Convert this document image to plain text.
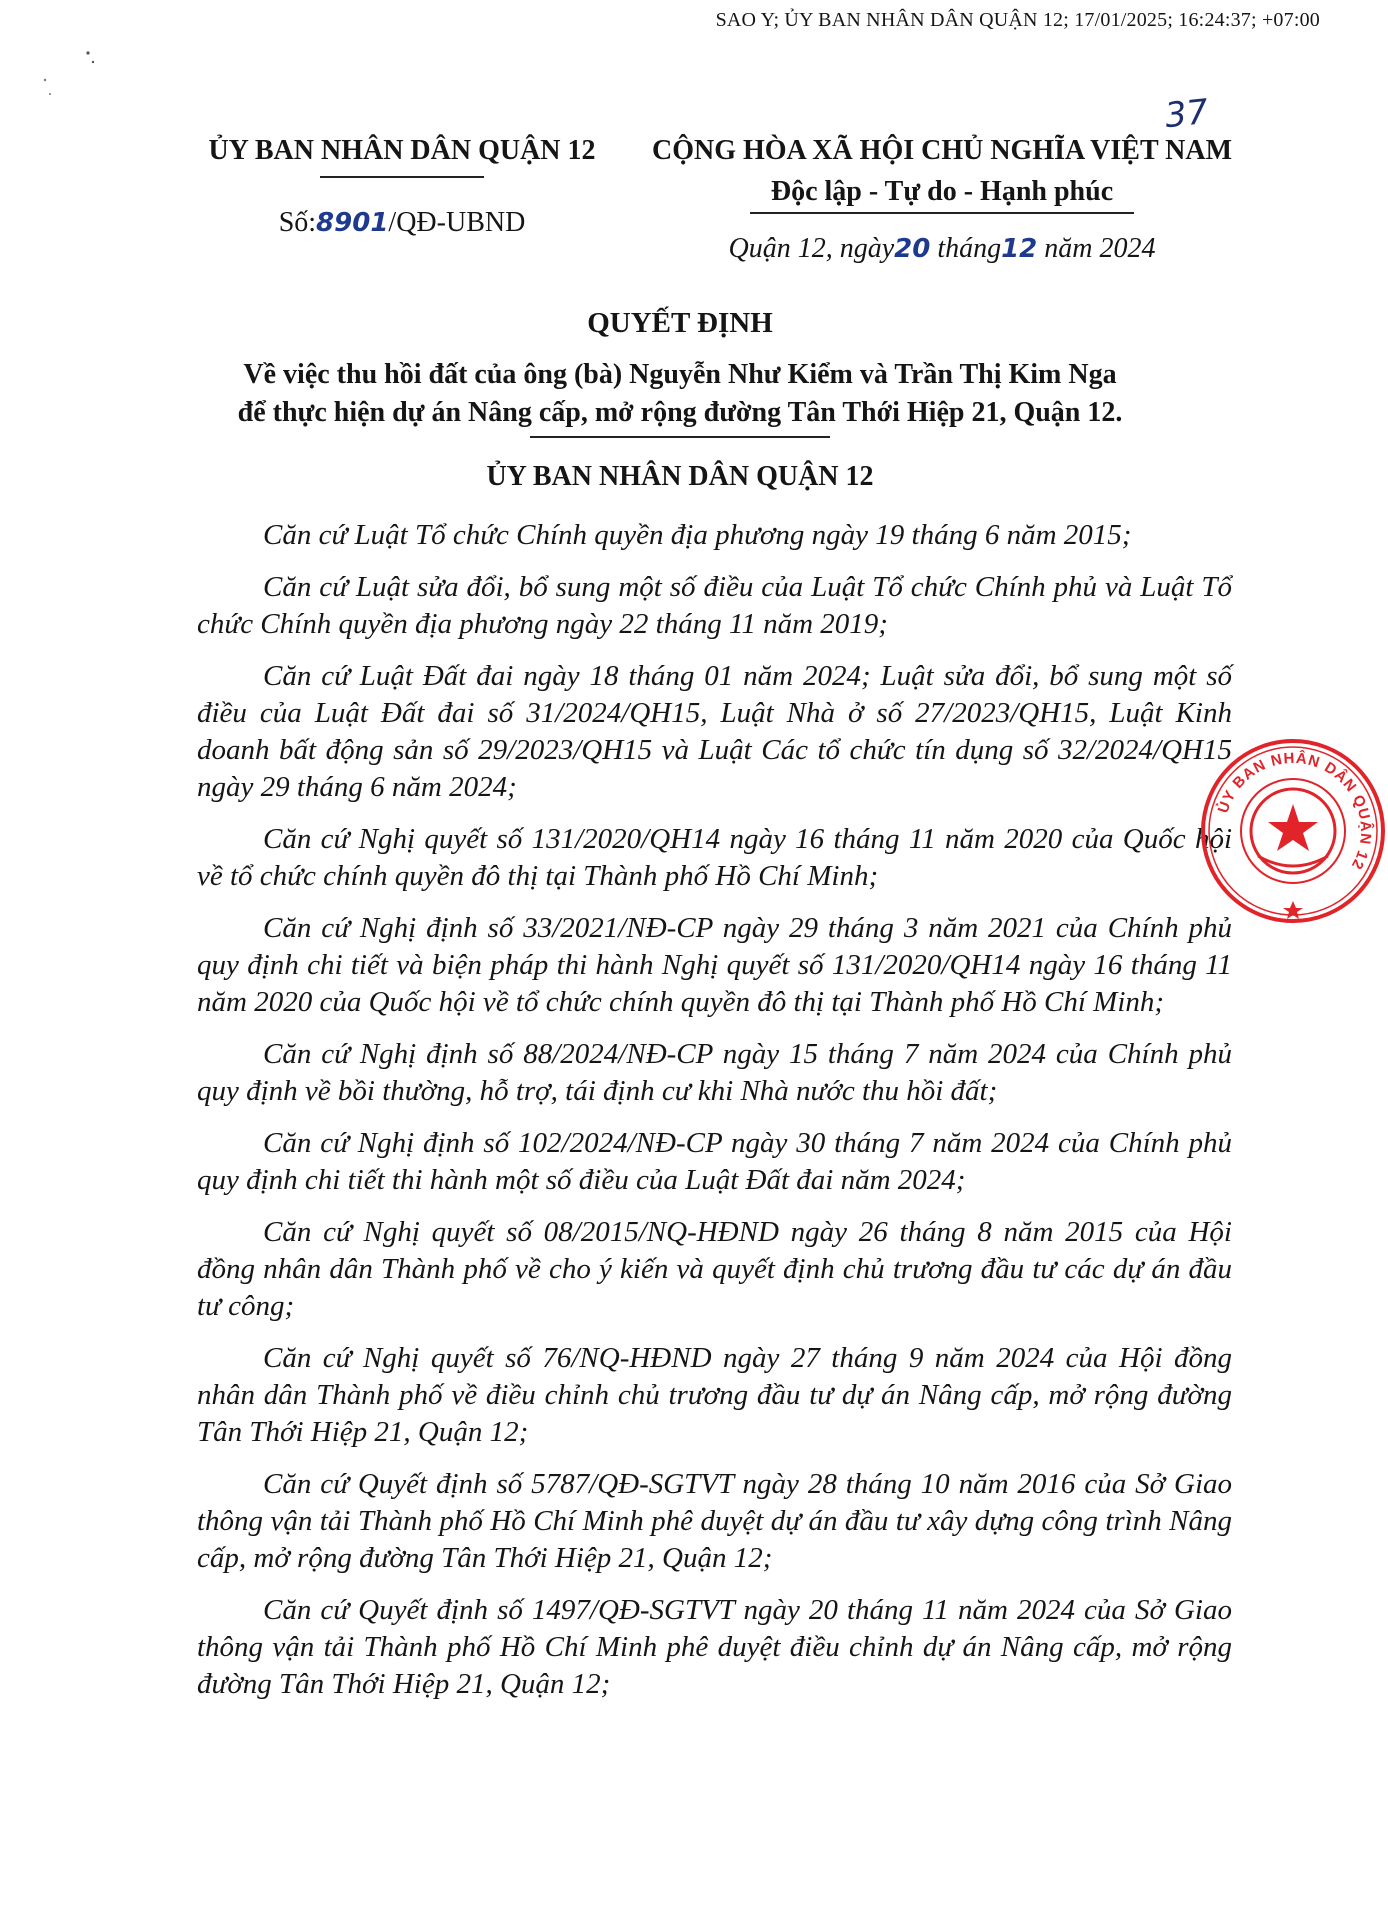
SAO Y; ỦY BAN NHÂN DÂN QUẬN 12; 17/01/2025; 16:24:37; +07:00
37
ỦY BAN NHÂN DÂN QUẬN 12
Số:8901/QĐ-UBND
CỘNG HÒA XÃ HỘI CHỦ NGHĨA VIỆT NAM
Độc lập - Tự do - Hạnh phúc
Quận 12, ngày20 tháng12 năm 2024
QUYẾT ĐỊNH
Về việc thu hồi đất của ông (bà) Nguyễn Như Kiểm và Trần Thị Kim Nga
để thực hiện dự án Nâng cấp, mở rộng đường Tân Thới Hiệp 21, Quận 12.
ỦY BAN NHÂN DÂN QUẬN 12

Căn cứ Luật Tổ chức Chính quyền địa phương ngày 19 tháng 6 năm 2015;

Căn cứ Luật sửa đổi, bổ sung một số điều của Luật Tổ chức Chính phủ và Luật Tổ chức Chính quyền địa phương ngày 22 tháng 11 năm 2019;

Căn cứ Luật Đất đai ngày 18 tháng 01 năm 2024; Luật sửa đổi, bổ sung một số điều của Luật Đất đai số 31/2024/QH15, Luật Nhà ở số 27/2023/QH15, Luật Kinh doanh bất động sản số 29/2023/QH15 và Luật Các tổ chức tín dụng số 32/2024/QH15 ngày 29 tháng 6 năm 2024;

Căn cứ Nghị quyết số 131/2020/QH14 ngày 16 tháng 11 năm 2020 của Quốc hội về tổ chức chính quyền đô thị tại Thành phố Hồ Chí Minh;

Căn cứ Nghị định số 33/2021/NĐ-CP ngày 29 tháng 3 năm 2021 của Chính phủ quy định chi tiết và biện pháp thi hành Nghị quyết số 131/2020/QH14 ngày 16 tháng 11 năm 2020 của Quốc hội về tổ chức chính quyền đô thị tại Thành phố Hồ Chí Minh;

Căn cứ Nghị định số 88/2024/NĐ-CP ngày 15 tháng 7 năm 2024 của Chính phủ quy định về bồi thường, hỗ trợ, tái định cư khi Nhà nước thu hồi đất;

Căn cứ Nghị định số 102/2024/NĐ-CP ngày 30 tháng 7 năm 2024 của Chính phủ quy định chi tiết thi hành một số điều của Luật Đất đai năm 2024;

Căn cứ Nghị quyết số 08/2015/NQ-HĐND ngày 26 tháng 8 năm 2015 của Hội đồng nhân dân Thành phố về cho ý kiến và quyết định chủ trương đầu tư các dự án đầu tư công;

Căn cứ Nghị quyết số 76/NQ-HĐND ngày 27 tháng 9 năm 2024 của Hội đồng nhân dân Thành phố về điều chỉnh chủ trương đầu tư dự án Nâng cấp, mở rộng đường Tân Thới Hiệp 21, Quận 12;

Căn cứ Quyết định số 5787/QĐ-SGTVT ngày 28 tháng 10 năm 2016 của Sở Giao thông vận tải Thành phố Hồ Chí Minh phê duyệt dự án đầu tư xây dựng công trình Nâng cấp, mở rộng đường Tân Thới Hiệp 21, Quận 12;

Căn cứ Quyết định số 1497/QĐ-SGTVT ngày 20 tháng 11 năm 2024 của Sở Giao thông vận tải Thành phố Hồ Chí Minh phê duyệt điều chỉnh dự án Nâng cấp, mở rộng đường Tân Thới Hiệp 21, Quận 12;

ỦY BAN NHÂN DÂN QUẬN 12
